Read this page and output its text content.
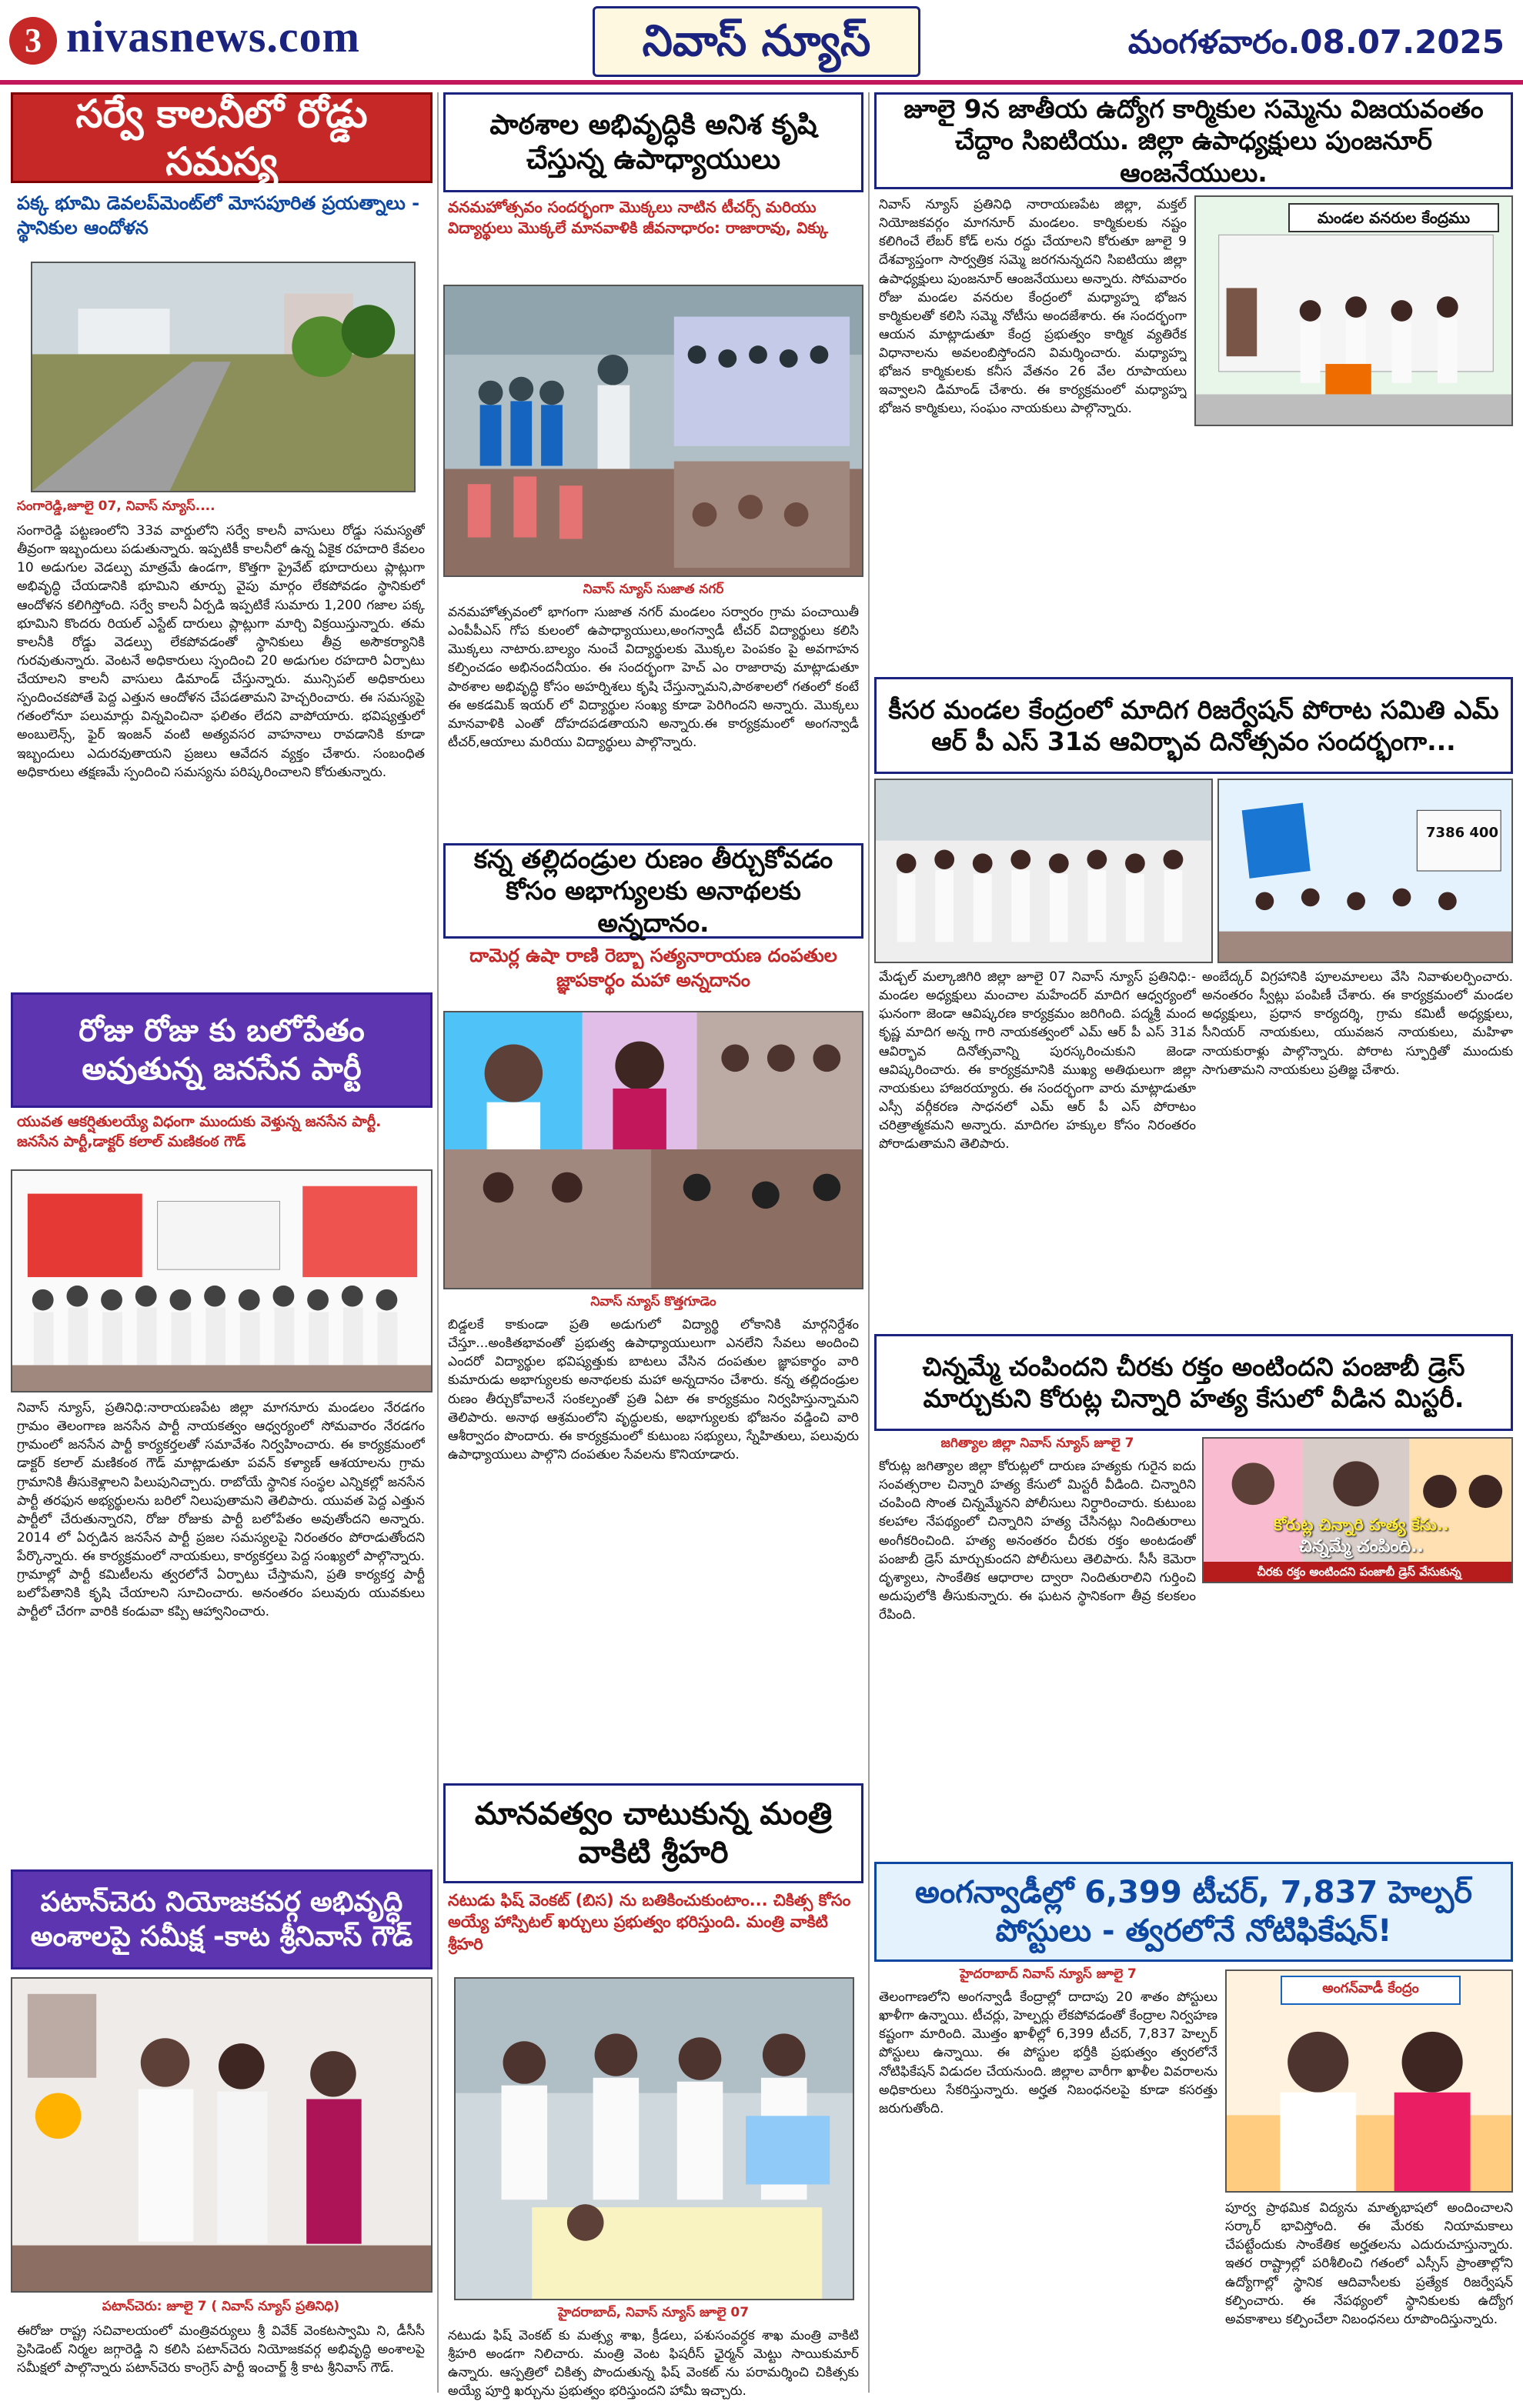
3 nivasnews.com	నివాస్ న్యూస్	మంగళవారం.08.07.2025
సర్వే కాలనీలో రోడ్డు సమస్య
పక్క భూమి డెవలప్‌మెంట్‌లో మోసపూరిత ప్రయత్నాలు - స్థానికుల ఆందోళన
సంగారెడ్డి,జూలై 07, నివాస్ న్యూస్....
సంగారెడ్డి పట్టణంలోని 33వ వార్డులోని సర్వే కాలనీ వాసులు రోడ్డు సమస్యతో తీవ్రంగా ఇబ్బందులు పడుతున్నారు. ఇప్పటికీ కాలనీలో ఉన్న ఏకైక రహదారి కేవలం 10 అడుగుల వెడల్పు మాత్రమే ఉండగా, కొత్తగా ప్రైవేట్ భూదారులు ప్లాట్లుగా అభివృద్ధి చేయడానికి భూమిని తూర్పు వైపు మార్గం లేకపోవడం స్థానికులో ఆందోళన కలిగిస్తోంది. సర్వే కాలనీ ఏర్పడి ఇప్పటికే సుమారు 1,200 గజాల పక్క భూమిని కొందరు రియల్ ఎస్టేట్ దారులు ప్లాట్లుగా మార్చి విక్రయిస్తున్నారు. తమ కాలనీకి రోడ్డు వెడల్పు లేకపోవడంతో స్థానికులు తీవ్ర అసౌకర్యానికి గురవుతున్నారు. వెంటనే అధికారులు స్పందించి 20 అడుగుల రహదారి ఏర్పాటు చేయాలని కాలనీ వాసులు డిమాండ్ చేస్తున్నారు. మున్సిపల్ అధికారులు స్పందించకపోతే పెద్ద ఎత్తున ఆందోళన చేపడతామని హెచ్చరించారు. ఈ సమస్యపై గతంలోనూ పలుమార్లు విన్నవించినా ఫలితం లేదని వాపోయారు. భవిష్యత్తులో అంబులెన్స్, ఫైర్ ఇంజన్ వంటి అత్యవసర వాహనాలు రావడానికి కూడా ఇబ్బందులు ఎదురవుతాయని ప్రజలు ఆవేదన వ్యక్తం చేశారు. సంబంధిత అధికారులు తక్షణమే స్పందించి సమస్యను పరిష్కరించాలని కోరుతున్నారు.
రోజు రోజు కు బలోపేతం అవుతున్న జనసేన పార్టీ
యువత ఆకర్షితులయ్యే విధంగా ముందుకు వెళ్తున్న జనసేన పార్టీ. జనసేన పార్టీ,డాక్టర్ కలాల్ మణికంఠ గౌడ్
నివాస్ న్యూస్, ప్రతినిధి:నారాయణపేట జిల్లా మాగనూరు మండలం నేరడగం గ్రామం తెలంగాణ జనసేన పార్టీ నాయకత్వం ఆధ్వర్యంలో సోమవారం నేరడగం గ్రామంలో జనసేన పార్టీ కార్యకర్తలతో సమావేశం నిర్వహించారు. ఈ కార్యక్రమంలో డాక్టర్ కలాల్ మణికంఠ గౌడ్ మాట్లాడుతూ పవన్ కళ్యాణ్ ఆశయాలను గ్రామ గ్రామానికి తీసుకెళ్లాలని పిలుపునిచ్చారు. రాబోయే స్థానిక సంస్థల ఎన్నికల్లో జనసేన పార్టీ తరఫున అభ్యర్థులను బరిలో నిలుపుతామని తెలిపారు. యువత పెద్ద ఎత్తున పార్టీలో చేరుతున్నారని, రోజు రోజుకు పార్టీ బలోపేతం అవుతోందని అన్నారు. 2014 లో ఏర్పడిన జనసేన పార్టీ ప్రజల సమస్యలపై నిరంతరం పోరాడుతోందని పేర్కొన్నారు. ఈ కార్యక్రమంలో నాయకులు, కార్యకర్తలు పెద్ద సంఖ్యలో పాల్గొన్నారు. గ్రామాల్లో పార్టీ కమిటీలను త్వరలోనే ఏర్పాటు చేస్తామని, ప్రతి కార్యకర్త పార్టీ బలోపేతానికి కృషి చేయాలని సూచించారు. అనంతరం పలువురు యువకులు పార్టీలో చేరగా వారికి కండువా కప్పి ఆహ్వానించారు.
పటాన్‌చెరు నియోజకవర్గ అభివృద్ధి అంశాలపై సమీక్ష -కాట శ్రీనివాస్ గౌడ్
పటాన్‌చెరు: జూలై 7 ( నివాస్ న్యూస్ ప్రతినిధి)
ఈరోజు రాష్ట్ర సచివాలయంలో మంత్రివర్యులు శ్రీ వివేక్ వెంకటస్వామి ని, డీసీసీ ప్రెసిడెంట్ నిర్మల జగ్గారెడ్డి ని కలిసి పటాన్‌చెరు నియోజకవర్గ అభివృద్ధి అంశాలపై సమీక్షలో పాల్గొన్నారు పటాన్‌చెరు కాంగ్రెస్ పార్టీ ఇంచార్జ్ శ్రీ కాట శ్రీనివాస్ గౌడ్.
పాఠశాల అభివృద్ధికి అనిశ కృషి చేస్తున్న ఉపాధ్యాయులు
వనమహోత్సవం సందర్భంగా మొక్కలు నాటిన టీచర్స్ మరియు విద్యార్థులు మొక్కలే మానవాళికి జీవనాధారం: రాజారావు, విక్కు
నివాస్ న్యూస్ సుజాత నగర్
వనమహోత్సవంలో భాగంగా సుజాత నగర్ మండలం సర్వారం గ్రామ పంచాయితీ ఎంపీపీఎస్ గోప కులంలో ఉపాధ్యాయులు,అంగన్వాడీ టీచర్ విద్యార్థులు కలిసి మొక్కలు నాటారు.బాల్యం నుంచే విద్యార్థులకు మొక్కల పెంపకం పై అవగాహన కల్పించడం అభినందనీయం. ఈ సందర్భంగా హెచ్ ఎం రాజారావు మాట్లాడుతూ పాఠశాల అభివృద్ధి కోసం అహర్నిశలు కృషి చేస్తున్నామని,పాఠశాలలో గతంలో కంటే ఈ అకడమిక్ ఇయర్ లో విద్యార్థుల సంఖ్య కూడా పెరిగిందని అన్నారు. మొక్కలు మానవాళికి ఎంతో దోహదపడతాయని అన్నారు.ఈ కార్యక్రమంలో అంగన్వాడీ టీచర్,ఆయాలు మరియు విద్యార్థులు పాల్గొన్నారు.
కన్న తల్లిదండ్రుల రుణం తీర్చుకోవడం కోసం అభాగ్యులకు అనాథలకు అన్నదానం.
దామెర్ల ఉషా రాణి రెబ్బా సత్యనారాయణ దంపతుల జ్ఞాపకార్థం మహా అన్నదానం
నివాస్ న్యూస్ కొత్తగూడెం
బిడ్డలకే కాకుండా ప్రతి అడుగులో విద్యార్థి లోకానికి మార్గనిర్దేశం చేస్తూ...అంకితభావంతో ప్రభుత్వ ఉపాధ్యాయులుగా ఎనలేని సేవలు అందించి ఎందరో విద్యార్థుల భవిష్యత్తుకు బాటలు వేసిన దంపతుల జ్ఞాపకార్థం వారి కుమారుడు అభాగ్యులకు అనాథలకు మహా అన్నదానం చేశారు. కన్న తల్లిదండ్రుల రుణం తీర్చుకోవాలనే సంకల్పంతో ప్రతి ఏటా ఈ కార్యక్రమం నిర్వహిస్తున్నామని తెలిపారు. అనాథ ఆశ్రమంలోని వృద్ధులకు, అభాగ్యులకు భోజనం వడ్డించి వారి ఆశీర్వాదం పొందారు. ఈ కార్యక్రమంలో కుటుంబ సభ్యులు, స్నేహితులు, పలువురు ఉపాధ్యాయులు పాల్గొని దంపతుల సేవలను కొనియాడారు.
మానవత్వం చాటుకున్న మంత్రి వాకిటి శ్రీహరి
నటుడు ఫిష్ వెంకట్ (బిస) ను బతికించుకుంటాం... చికిత్స కోసం అయ్యే హాస్పిటల్ ఖర్చులు ప్రభుత్వం భరిస్తుంది. మంత్రి వాకిటి శ్రీహరి
హైదరాబాద్, నివాస్ న్యూస్ జూలై 07
నటుడు ఫిష్ వెంకట్ కు మత్స్య శాఖ, క్రీడలు, పశుసంవర్ధక శాఖ మంత్రి వాకిటి శ్రీహరి అండగా నిలిచారు. మంత్రి వెంట ఫిషరీస్ ఛైర్మన్ మెట్టు సాయికుమార్ ఉన్నారు. ఆస్పత్రిలో చికిత్స పొందుతున్న ఫిష్ వెంకట్ ను పరామర్శించి చికిత్సకు అయ్యే పూర్తి ఖర్చును ప్రభుత్వం భరిస్తుందని హామీ ఇచ్చారు.
జూలై 9న జాతీయ ఉద్యోగ కార్మికుల సమ్మెను విజయవంతం చేద్దాం సిఐటియు. జిల్లా ఉపాధ్యక్షులు పుంజనూర్ ఆంజనేయులు.
నివాస్ న్యూస్ ప్రతినిధి నారాయణపేట జిల్లా, మక్తల్ నియోజకవర్గం మాగనూర్ మండలం. కార్మికులకు నష్టం కలిగించే లేబర్ కోడ్ లను రద్దు చేయాలని కోరుతూ జూలై 9 దేశవ్యాప్తంగా సార్వత్రిక సమ్మె జరగనున్నదని సిఐటియు జిల్లా ఉపాధ్యక్షులు పుంజనూర్ ఆంజనేయులు అన్నారు. సోమవారం రోజు మండల వనరుల కేంద్రంలో మధ్యాహ్న భోజన కార్మికులతో కలిసి సమ్మె నోటీసు అందజేశారు. ఈ సందర్భంగా ఆయన మాట్లాడుతూ కేంద్ర ప్రభుత్వం కార్మిక వ్యతిరేక విధానాలను అవలంబిస్తోందని విమర్శించారు. మధ్యాహ్న భోజన కార్మికులకు కనీస వేతనం 26 వేల రూపాయలు ఇవ్వాలని డిమాండ్ చేశారు. ఈ కార్యక్రమంలో మధ్యాహ్న భోజన కార్మికులు, సంఘం నాయకులు పాల్గొన్నారు.
మండల వనరుల కేంద్రము
కీసర మండల కేంద్రంలో మాదిగ రిజర్వేషన్ పోరాట సమితి ఎమ్ ఆర్ పీ ఎస్ 31వ ఆవిర్భావ దినోత్సవం సందర్భంగా...
7386 400
మేడ్చల్ మల్కాజిగిరి జిల్లా జూలై 07 నివాస్ న్యూస్ ప్రతినిధి:-మండల అధ్యక్షులు మంచాల మహేందర్ మాదిగ ఆధ్వర్యంలో ఘనంగా జెండా ఆవిష్కరణ కార్యక్రమం జరిగింది. పద్మశ్రీ మంద కృష్ణ మాదిగ అన్న గారి నాయకత్వంలో ఎమ్ ఆర్ పీ ఎస్ 31వ ఆవిర్భావ దినోత్సవాన్ని పురస్కరించుకుని జెండా ఆవిష్కరించారు. ఈ కార్యక్రమానికి ముఖ్య అతిథులుగా జిల్లా నాయకులు హాజరయ్యారు. ఈ సందర్భంగా వారు మాట్లాడుతూ ఎస్సీ వర్గీకరణ సాధనలో ఎమ్ ఆర్ పీ ఎస్ పోరాటం చరిత్రాత్మకమని అన్నారు. మాదిగల హక్కుల కోసం నిరంతరం పోరాడుతామని తెలిపారు.
అంబేద్కర్ విగ్రహానికి పూలమాలలు వేసి నివాళులర్పించారు. అనంతరం స్వీట్లు పంపిణీ చేశారు. ఈ కార్యక్రమంలో మండల అధ్యక్షులు, ప్రధాన కార్యదర్శి, గ్రామ కమిటీ అధ్యక్షులు, సీనియర్ నాయకులు, యువజన నాయకులు, మహిళా నాయకురాళ్లు పాల్గొన్నారు. పోరాట స్ఫూర్తితో ముందుకు సాగుతామని నాయకులు ప్రతిజ్ఞ చేశారు.
చిన్నమ్మే చంపిందని చీరకు రక్తం అంటిందని పంజాబీ డ్రెస్ మార్చుకుని కోరుట్ల చిన్నారి హత్య కేసులో వీడిన మిస్టరీ.
జగిత్యాల జిల్లా నివాస్ న్యూస్ జూలై 7
కోరుట్ల జగిత్యాల జిల్లా కోరుట్లలో దారుణ హత్యకు గురైన ఐదు సంవత్సరాల చిన్నారి హత్య కేసులో మిస్టరీ వీడింది. చిన్నారిని చంపింది సొంత చిన్నమ్మేనని పోలీసులు నిర్ధారించారు. కుటుంబ కలహాల నేపథ్యంలో చిన్నారిని హత్య చేసినట్లు నిందితురాలు అంగీకరించింది. హత్య అనంతరం చీరకు రక్తం అంటడంతో పంజాబీ డ్రెస్ మార్చుకుందని పోలీసులు తెలిపారు. సీసీ కెమెరా దృశ్యాలు, సాంకేతిక ఆధారాల ద్వారా నిందితురాలిని గుర్తించి అదుపులోకి తీసుకున్నారు. ఈ ఘటన స్థానికంగా తీవ్ర కలకలం రేపింది.
కోరుట్ల చిన్నారి హత్య కేసు..
చిన్నమ్మే చంపింది..
చీరకు రక్తం అంటిందని పంజాబీ డ్రెస్ వేసుకున్న
అంగన్వాడీల్లో 6,399 టీచర్, 7,837 హెల్పర్ పోస్టులు - త్వరలోనే నోటిఫికేషన్!
హైదరాబాద్ నివాస్ న్యూస్ జూలై 7
తెలంగాణలోని అంగన్వాడీ కేంద్రాల్లో దాదాపు 20 శాతం పోస్టులు ఖాళీగా ఉన్నాయి. టీచర్లు, హెల్పర్లు లేకపోవడంతో కేంద్రాల నిర్వహణ కష్టంగా మారింది. మొత్తం ఖాళీల్లో 6,399 టీచర్, 7,837 హెల్పర్ పోస్టులు ఉన్నాయి. ఈ పోస్టుల భర్తీకి ప్రభుత్వం త్వరలోనే నోటిఫికేషన్ విడుదల చేయనుంది. జిల్లాల వారీగా ఖాళీల వివరాలను అధికారులు సేకరిస్తున్నారు. అర్హత నిబంధనలపై కూడా కసరత్తు జరుగుతోంది.
అంగన్‌వాడీ కేంద్రం
పూర్వ ప్రాథమిక విద్యను మాతృభాషలో అందించాలని సర్కార్ భావిస్తోంది. ఈ మేరకు నియామకాలు చేపట్టేందుకు సాంకేతిక అర్హతలను ఎదురుచూస్తున్నారు. ఇతర రాష్ట్రాల్లో పరిశీలించి గతంలో ఎస్సీస్ ప్రాంతాల్లోని ఉద్యోగాల్లో స్థానిక ఆదివాసీలకు ప్రత్యేక రిజర్వేషన్ కల్పించారు. ఈ నేపథ్యంలో స్థానికులకు ఉద్యోగ అవకాశాలు కల్పించేలా నిబంధనలు రూపొందిస్తున్నారు.
